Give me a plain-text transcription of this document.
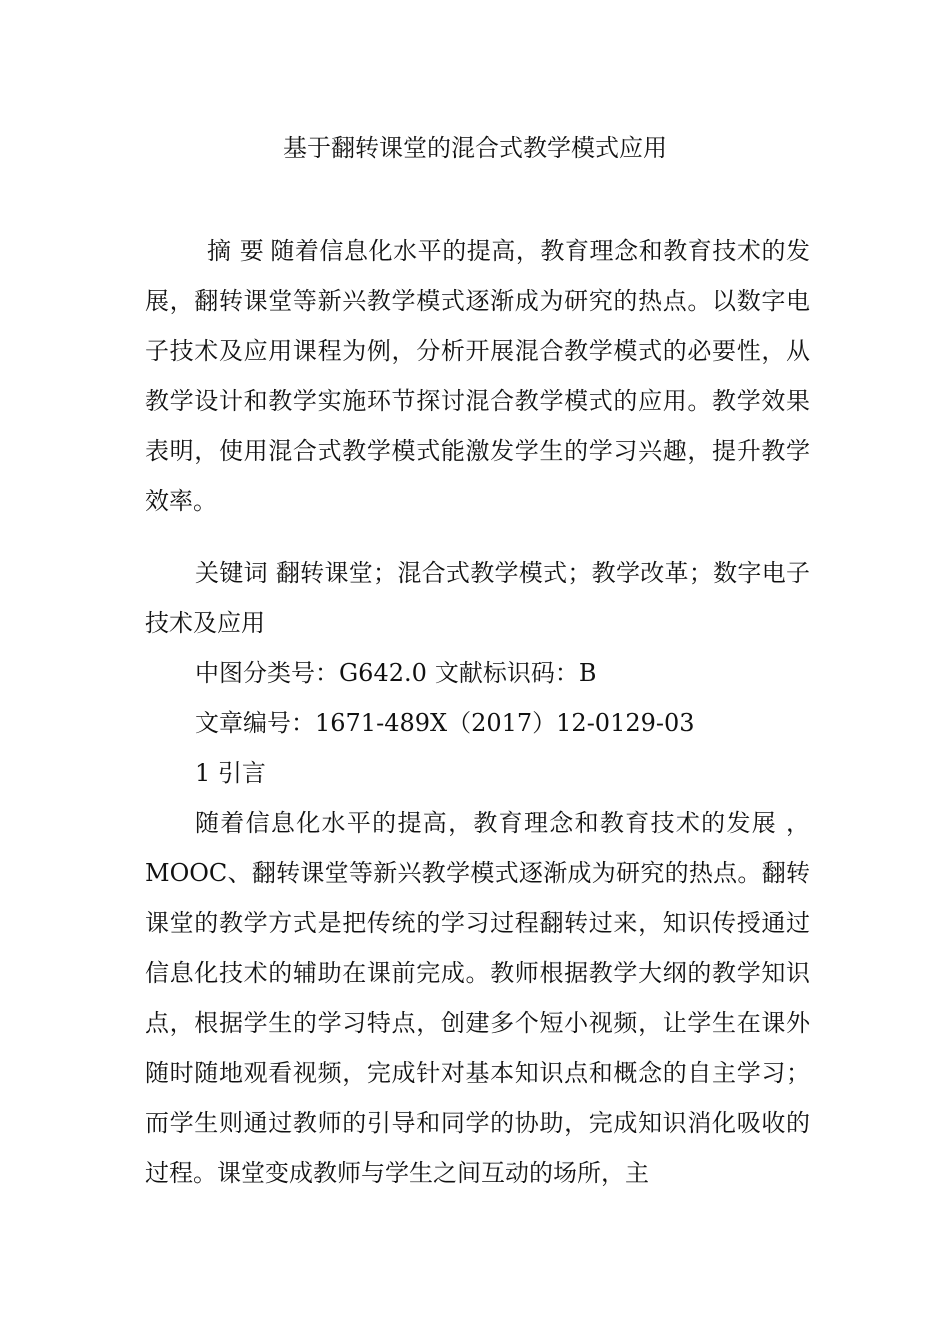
基于翻转课堂的混合式教学模式应用
摘 要 随着信息化水平的提高，教育理念和教育技术的发展，翻转课堂等新兴教学模式逐渐成为研究的热点。以数字电子技术及应用课程为例，分析开展混合教学模式的必要性，从教学设计和教学实施环节探讨混合教学模式的应用。教学效果表明，使用混合式教学模式能激发学生的学习兴趣，提升教学效率。
关键词 翻转课堂；混合式教学模式；教学改革；数字电子技术及应用
中图分类号：G642.0 文献标识码：B
文章编号：1671-489X（2017）12-0129-03
1 引言
随着信息化水平的提高，教育理念和教育技术的发展 ，MOOC、翻转课堂等新兴教学模式逐渐成为研究的热点。翻转课堂的教学方式是把传统的学习过程翻转过来，知识传授通过信息化技术的辅助在课前完成。教师根据教学大纲的教学知识点，根据学生的学习特点，创建多个短小视频，让学生在课外随时随地观看视频，完成针对基本知识点和概念的自主学习；而学生则通过教师的引导和同学的协助，完成知识消化吸收的过程。课堂变成教师与学生之间互动的场所，主
